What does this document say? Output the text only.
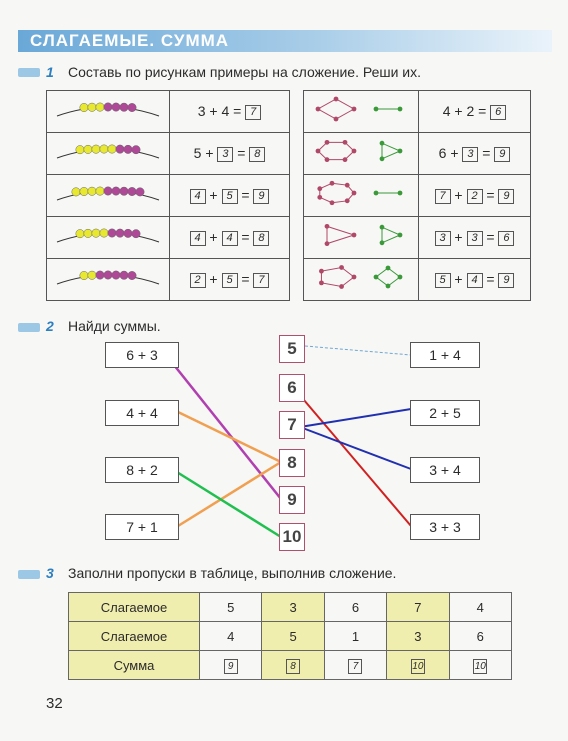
СЛАГАЕМЫЕ. СУММА
1 Составь по рисункам примеры на сложение. Реши их.
	3 + 4 = 7
	5 + 3 = 8
	4 + 5 = 9
	4 + 4 = 8
	2 + 5 = 7
	4 + 2 = 6
	6 + 3 = 9
	7 + 2 = 9
	3 + 3 = 6
	5 + 4 = 9
2 Найди суммы.
6 + 3
4 + 4
8 + 2
7 + 1
5
6
7
8
9
10
1 + 4
2 + 5
3 + 4
3 + 3
3 Заполни пропуски в таблице, выполнив сложение.
Слагаемое	5	3	6	7	4
Слагаемое	4	5	1	3	6
Сумма	9	8	7	10	10
32
